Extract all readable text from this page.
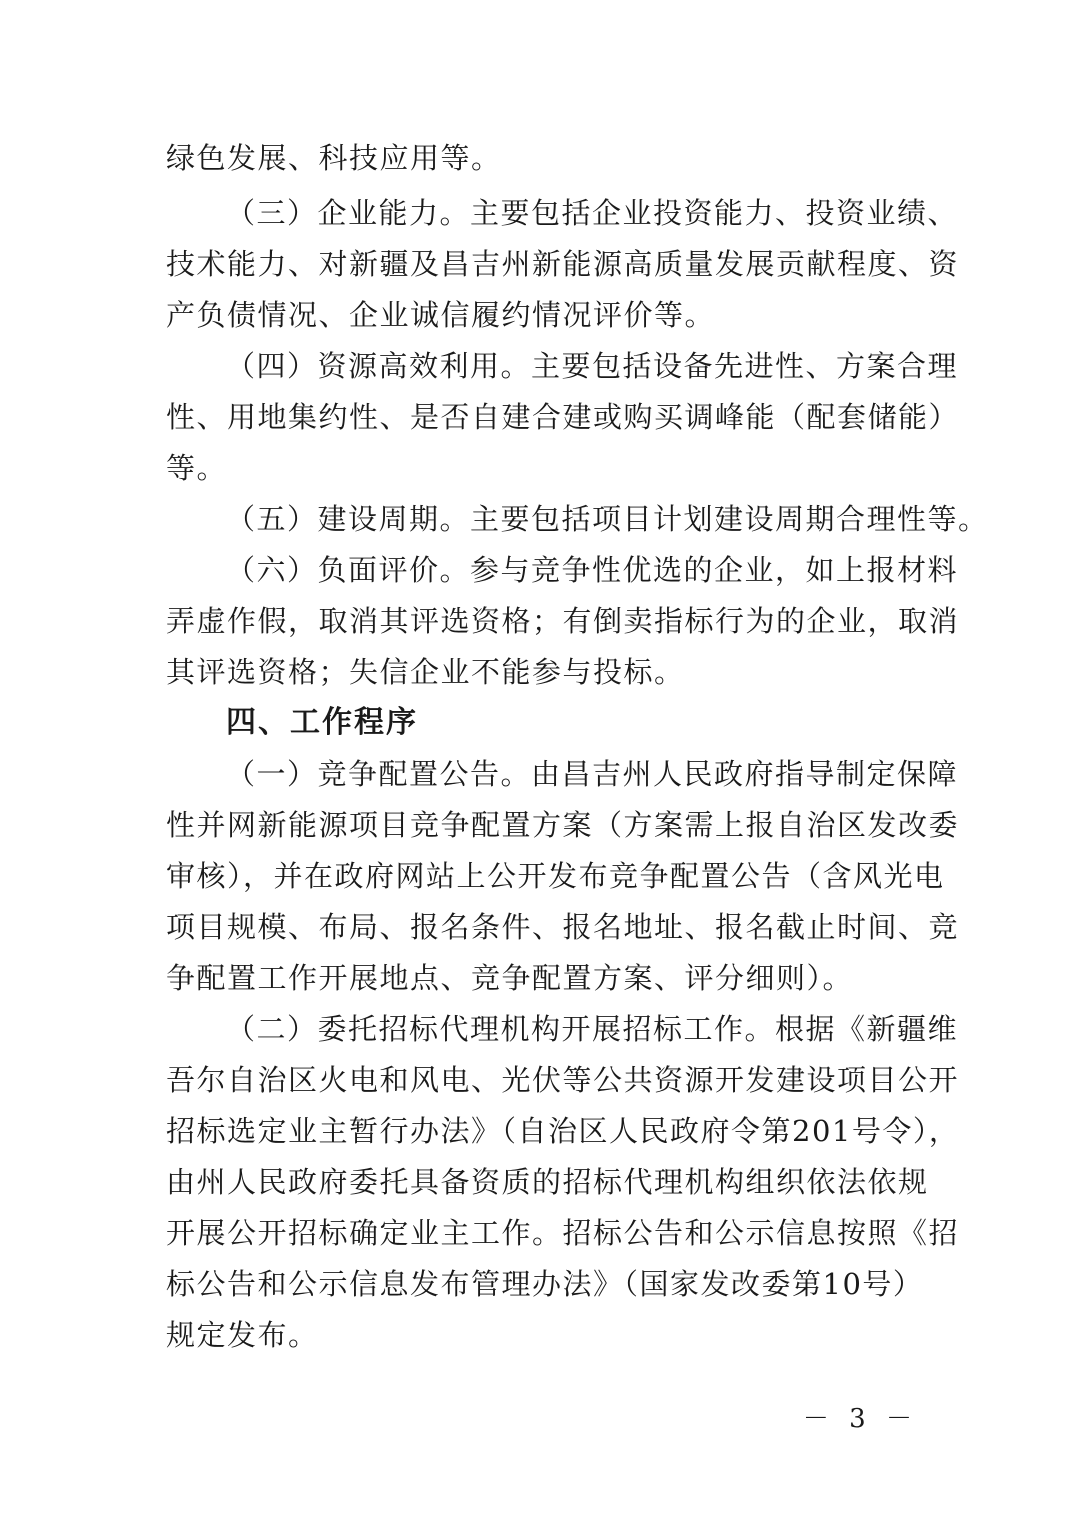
绿色发展、科技应用等。
（三）企业能力。主要包括企业投资能力、投资业绩、
技术能力、对新疆及昌吉州新能源高质量发展贡献程度、资
产负债情况、企业诚信履约情况评价等。
（四）资源高效利用。主要包括设备先进性、方案合理
性、用地集约性、是否自建合建或购买调峰能（配套储能）
等。
（五）建设周期。主要包括项目计划建设周期合理性等。
（六）负面评价。参与竞争性优选的企业，如上报材料
弄虚作假，取消其评选资格；有倒卖指标行为的企业，取消
其评选资格；失信企业不能参与投标。
四、工作程序
（一）竞争配置公告。由昌吉州人民政府指导制定保障
性并网新能源项目竞争配置方案（方案需上报自治区发改委
审核），并在政府网站上公开发布竞争配置公告（含风光电
项目规模、布局、报名条件、报名地址、报名截止时间、竞
争配置工作开展地点、竞争配置方案、评分细则）。
（二）委托招标代理机构开展招标工作。根据《新疆维
吾尔自治区火电和风电、光伏等公共资源开发建设项目公开
招标选定业主暂行办法》（自治区人民政府令第201号令），
由州人民政府委托具备资质的招标代理机构组织依法依规
开展公开招标确定业主工作。招标公告和公示信息按照《招
标公告和公示信息发布管理办法》（国家发改委第10号）
规定发布。
－ 3 －
